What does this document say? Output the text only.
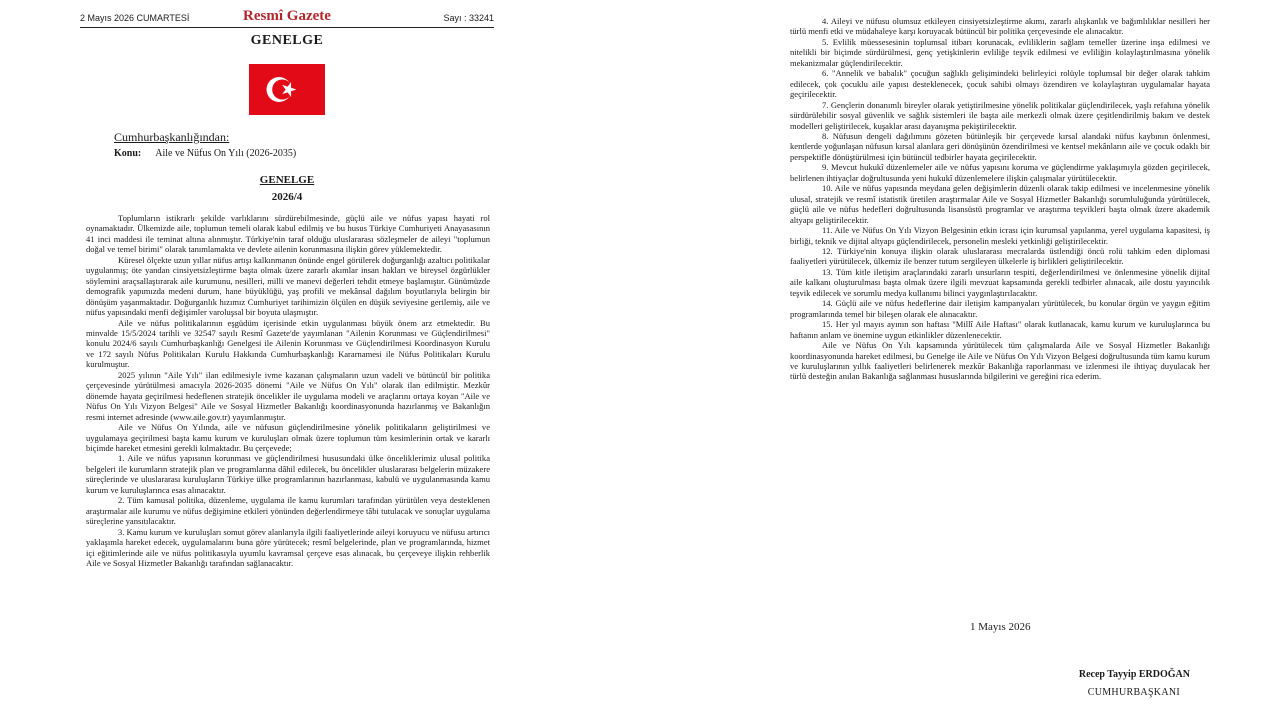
2 Mayıs 2026 CUMARTESİ	Resmî Gazete	Sayı : 33241
GENELGE
Cumhurbaşkanlığından:
Konu: Aile ve Nüfus On Yılı (2026-2035)
GENELGE
2026/4

Toplumların istikrarlı şekilde varlıklarını sürdürebilmesinde, güçlü aile ve nüfus yapısı hayati rol oynamaktadır. Ülkemizde aile, toplumun temeli olarak kabul edilmiş ve bu husus Türkiye Cumhuriyeti Anayasasının 41 inci maddesi ile teminat altına alınmıştır. Türkiye'nin taraf olduğu uluslararası sözleşmeler de aileyi "toplumun doğal ve temel birimi" olarak tanımlamakta ve devlete ailenin korunmasına ilişkin görev yüklemektedir.

Küresel ölçekte uzun yıllar nüfus artışı kalkınmanın önünde engel görülerek doğurganlığı azaltıcı politikalar uygulanmış; öte yandan cinsiyetsizleştirme başta olmak üzere zararlı akımlar insan hakları ve bireysel özgürlükler söylemini araçsallaştırarak aile kurumunu, nesilleri, milli ve manevi değerleri tehdit etmeye başlamıştır. Günümüzde demografik yapımızda medeni durum, hane büyüklüğü, yaş profili ve mekânsal dağılım boyutlarıyla belirgin bir dönüşüm yaşanmaktadır. Doğurganlık hızımız Cumhuriyet tarihimizin ölçülen en düşük seviyesine gerilemiş, aile ve nüfus yapısındaki menfi değişimler varoluşsal bir boyuta ulaşmıştır.

Aile ve nüfus politikalarının eşgüdüm içerisinde etkin uygulanması büyük önem arz etmektedir. Bu minvalde 15/5/2024 tarihli ve 32547 sayılı Resmî Gazete'de yayımlanan "Ailenin Korunması ve Güçlendirilmesi" konulu 2024/6 sayılı Cumhurbaşkanlığı Genelgesi ile Ailenin Korunması ve Güçlendirilmesi Koordinasyon Kurulu ve 172 sayılı Nüfus Politikaları Kurulu Hakkında Cumhurbaşkanlığı Kararnamesi ile Nüfus Politikaları Kurulu kurulmuştur.

2025 yılının "Aile Yılı" ilan edilmesiyle ivme kazanan çalışmaların uzun vadeli ve bütüncül bir politika çerçevesinde yürütülmesi amacıyla 2026-2035 dönemi "Aile ve Nüfus On Yılı" olarak ilan edilmiştir. Mezkûr dönemde hayata geçirilmesi hedeflenen stratejik öncelikler ile uygulama modeli ve araçlarını ortaya koyan "Aile ve Nüfus On Yılı Vizyon Belgesi" Aile ve Sosyal Hizmetler Bakanlığı koordinasyonunda hazırlanmış ve Bakanlığın resmi internet adresinde (www.aile.gov.tr) yayımlanmıştır.

Aile ve Nüfus On Yılında, aile ve nüfusun güçlendirilmesine yönelik politikaların geliştirilmesi ve uygulamaya geçirilmesi başta kamu kurum ve kuruluşları olmak üzere toplumun tüm kesimlerinin ortak ve kararlı biçimde hareket etmesini gerekli kılmaktadır. Bu çerçevede;

1. Aile ve nüfus yapısının korunması ve güçlendirilmesi hususundaki ülke önceliklerimiz ulusal politika belgeleri ile kurumların stratejik plan ve programlarına dâhil edilecek, bu öncelikler uluslararası belgelerin müzakere süreçlerinde ve uluslararası kuruluşların Türkiye ülke programlarının hazırlanması, kabulü ve uygulanmasında kamu kurum ve kuruluşlarınca esas alınacaktır.

2. Tüm kamusal politika, düzenleme, uygulama ile kamu kurumları tarafından yürütülen veya desteklenen araştırmalar aile kurumu ve nüfus değişimine etkileri yönünden değerlendirmeye tâbi tutulacak ve sonuçlar uygulama süreçlerine yansıtılacaktır.

3. Kamu kurum ve kuruluşları somut görev alanlarıyla ilgili faaliyetlerinde aileyi koruyucu ve nüfusu artırıcı yaklaşımla hareket edecek, uygulamalarını buna göre yürütecek; resmî belgelerinde, plan ve programlarında, hizmet içi eğitimlerinde aile ve nüfus politikasıyla uyumlu kavramsal çerçeve esas alınacak, bu çerçeveye ilişkin rehberlik Aile ve Sosyal Hizmetler Bakanlığı tarafından sağlanacaktır.

4. Aileyi ve nüfusu olumsuz etkileyen cinsiyetsizleştirme akımı, zararlı alışkanlık ve bağımlılıklar nesilleri her türlü menfi etki ve müdahaleye karşı koruyacak bütüncül bir politika çerçevesinde ele alınacaktır.

5. Evlilik müessesesinin toplumsal itibarı korunacak, evliliklerin sağlam temeller üzerine inşa edilmesi ve nitelikli bir biçimde sürdürülmesi, genç yetişkinlerin evliliğe teşvik edilmesi ve evliliğin kolaylaştırılmasına yönelik mekanizmalar güçlendirilecektir.

6. "Annelik ve babalık" çocuğun sağlıklı gelişimindeki belirleyici rolüyle toplumsal bir değer olarak tahkim edilecek, çok çocuklu aile yapısı desteklenecek, çocuk sahibi olmayı özendiren ve kolaylaştıran uygulamalar hayata geçirilecektir.

7. Gençlerin donanımlı bireyler olarak yetiştirilmesine yönelik politikalar güçlendirilecek, yaşlı refahına yönelik sürdürülebilir sosyal güvenlik ve sağlık sistemleri ile başta aile merkezli olmak üzere çeşitlendirilmiş bakım ve destek modelleri geliştirilecek, kuşaklar arası dayanışma pekiştirilecektir.

8. Nüfusun dengeli dağılımını gözeten bütünleşik bir çerçevede kırsal alandaki nüfus kaybının önlenmesi, kentlerde yoğunlaşan nüfusun kırsal alanlara geri dönüşünün özendirilmesi ve kentsel mekânların aile ve çocuk odaklı bir perspektifle dönüştürülmesi için bütüncül tedbirler hayata geçirilecektir.

9. Mevcut hukukî düzenlemeler aile ve nüfus yapısını koruma ve güçlendirme yaklaşımıyla gözden geçirilecek, belirlenen ihtiyaçlar doğrultusunda yeni hukukî düzenlemelere ilişkin çalışmalar yürütülecektir.

10. Aile ve nüfus yapısında meydana gelen değişimlerin düzenli olarak takip edilmesi ve incelenmesine yönelik ulusal, stratejik ve resmî istatistik üretilen araştırmalar Aile ve Sosyal Hizmetler Bakanlığı sorumluluğunda yürütülecek, güçlü aile ve nüfus hedefleri doğrultusunda lisansüstü programlar ve araştırma teşvikleri başta olmak üzere akademik altyapı geliştirilecektir.

11. Aile ve Nüfus On Yılı Vizyon Belgesinin etkin icrası için kurumsal yapılanma, yerel uygulama kapasitesi, iş birliği, teknik ve dijital altyapı güçlendirilecek, personelin mesleki yetkinliği geliştirilecektir.

12. Türkiye'nin konuya ilişkin olarak uluslararası mecralarda üstlendiği öncü rolü tahkim eden diplomasi faaliyetleri yürütülecek, ülkemiz ile benzer tutum sergileyen ülkelerle iş birlikleri geliştirilecektir.

13. Tüm kitle iletişim araçlarındaki zararlı unsurların tespiti, değerlendirilmesi ve önlenmesine yönelik dijital aile kalkanı oluşturulması başta olmak üzere ilgili mevzuat kapsamında gerekli tedbirler alınacak, aile dostu yayıncılık teşvik edilecek ve sorumlu medya kullanımı bilinci yaygınlaştırılacaktır.

14. Güçlü aile ve nüfus hedeflerine dair iletişim kampanyaları yürütülecek, bu konular örgün ve yaygın eğitim programlarında temel bir bileşen olarak ele alınacaktır.

15. Her yıl mayıs ayının son haftası "Millî Aile Haftası" olarak kutlanacak, kamu kurum ve kuruluşlarınca bu haftanın anlam ve önemine uygun etkinlikler düzenlenecektir.

Aile ve Nüfus On Yılı kapsamında yürütülecek tüm çalışmalarda Aile ve Sosyal Hizmetler Bakanlığı koordinasyonunda hareket edilmesi, bu Genelge ile Aile ve Nüfus On Yılı Vizyon Belgesi doğrultusunda tüm kamu kurum ve kuruluşlarının yıllık faaliyetleri belirlenerek mezkûr Bakanlığa raporlanması ve izlenmesi ile ihtiyaç duyulacak her türlü desteğin anılan Bakanlığa sağlanması hususlarında bilgilerini ve gereğini rica ederim.

1 Mayıs 2026
Recep Tayyip ERDOĞAN
CUMHURBAŞKANI
